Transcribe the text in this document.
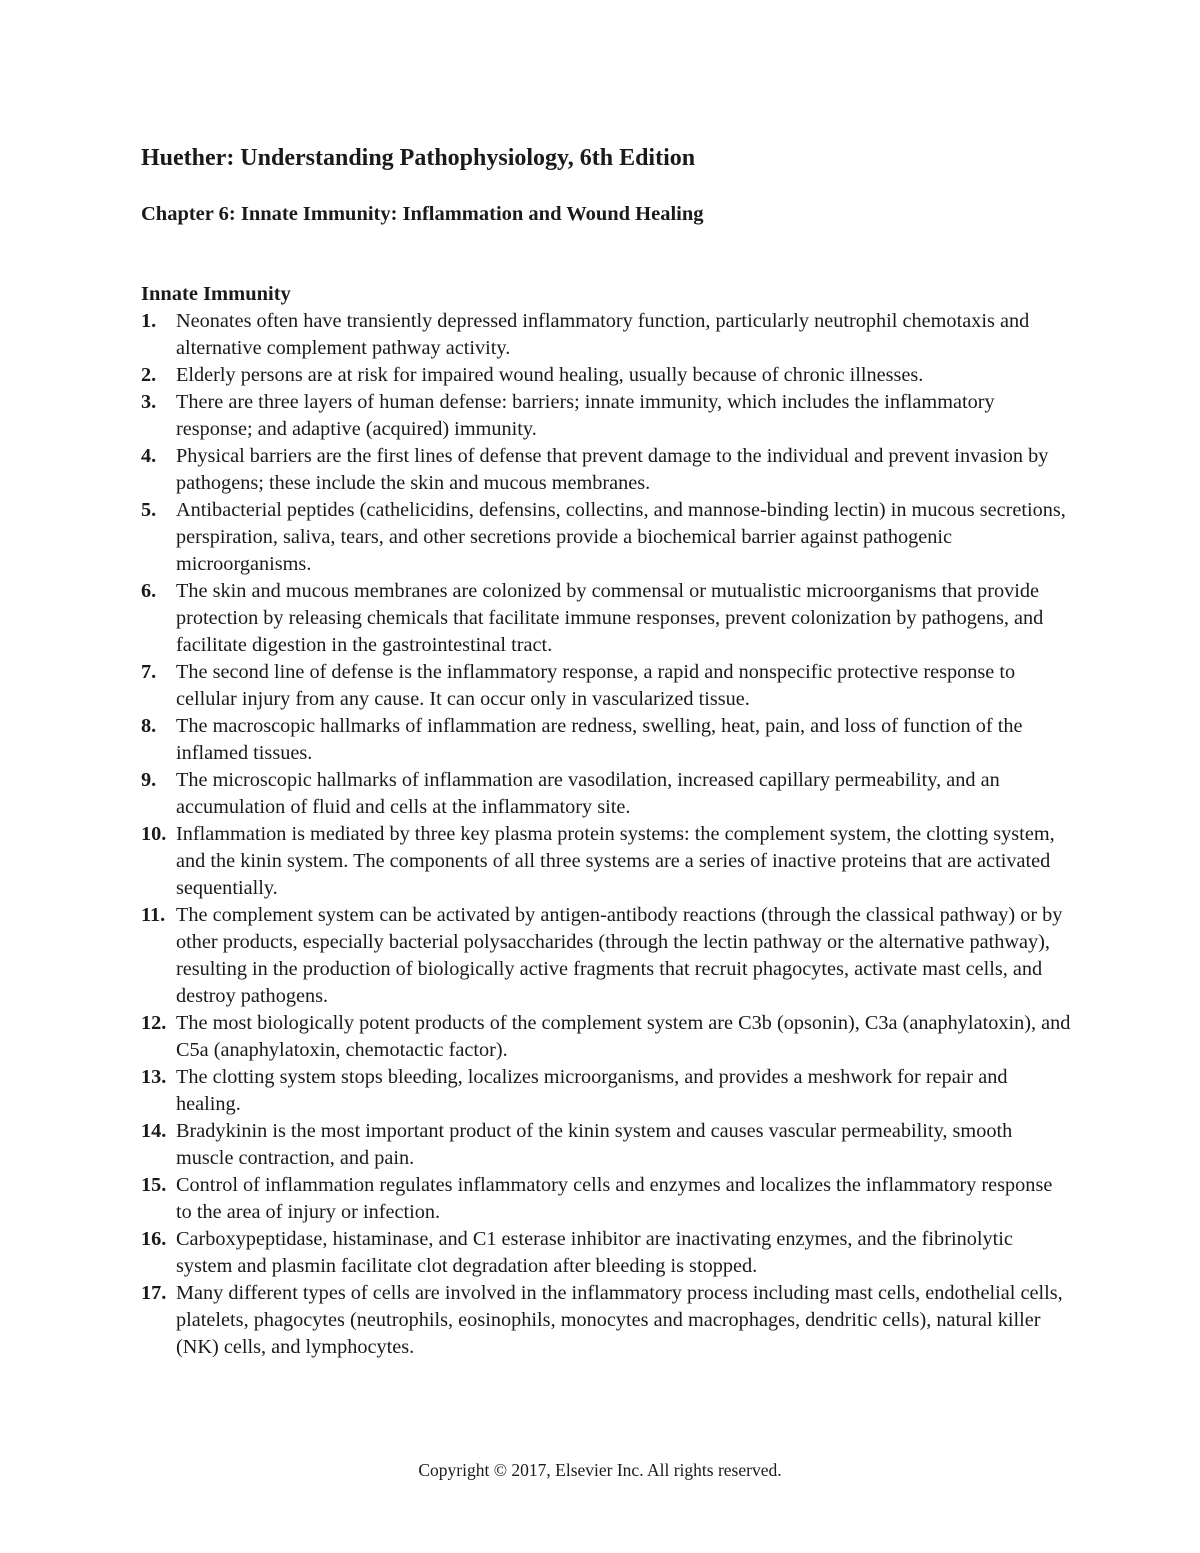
Huether: Understanding Pathophysiology, 6th Edition
Chapter 6: Innate Immunity: Inflammation and Wound Healing
Innate Immunity
1. Neonates often have transiently depressed inflammatory function, particularly neutrophil chemotaxis and alternative complement pathway activity.
2. Elderly persons are at risk for impaired wound healing, usually because of chronic illnesses.
3. There are three layers of human defense: barriers; innate immunity, which includes the inflammatory response; and adaptive (acquired) immunity.
4. Physical barriers are the first lines of defense that prevent damage to the individual and prevent invasion by pathogens; these include the skin and mucous membranes.
5. Antibacterial peptides (cathelicidins, defensins, collectins, and mannose-binding lectin) in mucous secretions, perspiration, saliva, tears, and other secretions provide a biochemical barrier against pathogenic microorganisms.
6. The skin and mucous membranes are colonized by commensal or mutualistic microorganisms that provide protection by releasing chemicals that facilitate immune responses, prevent colonization by pathogens, and facilitate digestion in the gastrointestinal tract.
7. The second line of defense is the inflammatory response, a rapid and nonspecific protective response to cellular injury from any cause. It can occur only in vascularized tissue.
8. The macroscopic hallmarks of inflammation are redness, swelling, heat, pain, and loss of function of the inflamed tissues.
9. The microscopic hallmarks of inflammation are vasodilation, increased capillary permeability, and an accumulation of fluid and cells at the inflammatory site.
10. Inflammation is mediated by three key plasma protein systems: the complement system, the clotting system, and the kinin system. The components of all three systems are a series of inactive proteins that are activated sequentially.
11. The complement system can be activated by antigen-antibody reactions (through the classical pathway) or by other products, especially bacterial polysaccharides (through the lectin pathway or the alternative pathway), resulting in the production of biologically active fragments that recruit phagocytes, activate mast cells, and destroy pathogens.
12. The most biologically potent products of the complement system are C3b (opsonin), C3a (anaphylatoxin), and C5a (anaphylatoxin, chemotactic factor).
13. The clotting system stops bleeding, localizes microorganisms, and provides a meshwork for repair and healing.
14. Bradykinin is the most important product of the kinin system and causes vascular permeability, smooth muscle contraction, and pain.
15. Control of inflammation regulates inflammatory cells and enzymes and localizes the inflammatory response to the area of injury or infection.
16. Carboxypeptidase, histaminase, and C1 esterase inhibitor are inactivating enzymes, and the fibrinolytic system and plasmin facilitate clot degradation after bleeding is stopped.
17. Many different types of cells are involved in the inflammatory process including mast cells, endothelial cells, platelets, phagocytes (neutrophils, eosinophils, monocytes and macrophages, dendritic cells), natural killer (NK) cells, and lymphocytes.
Copyright © 2017, Elsevier Inc. All rights reserved.
